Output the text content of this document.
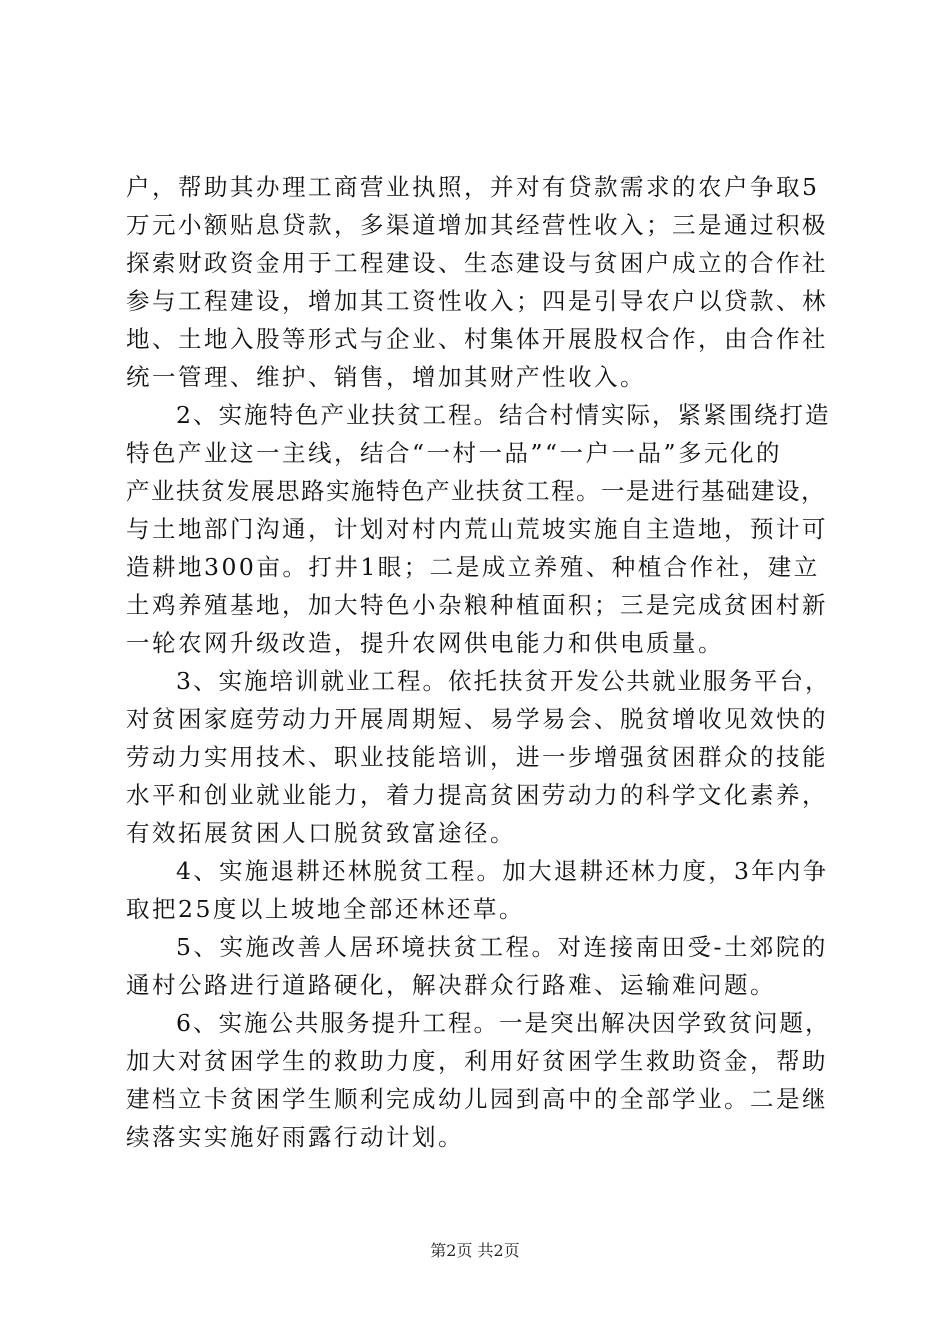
户，帮助其办理工商营业执照，并对有贷款需求的农户争取5
万元小额贴息贷款，多渠道增加其经营性收入；三是通过积极
探索财政资金用于工程建设、生态建设与贫困户成立的合作社
参与工程建设，增加其工资性收入；四是引导农户以贷款、林
地、土地入股等形式与企业、村集体开展股权合作，由合作社
统一管理、维护、销售，增加其财产性收入。
2、实施特色产业扶贫工程。结合村情实际，紧紧围绕打造
特色产业这一主线，结合“一村一品”“一户一品”多元化的
产业扶贫发展思路实施特色产业扶贫工程。一是进行基础建设，
与土地部门沟通，计划对村内荒山荒坡实施自主造地，预计可
造耕地300亩。打井1眼；二是成立养殖、种植合作社，建立
土鸡养殖基地，加大特色小杂粮种植面积；三是完成贫困村新
一轮农网升级改造，提升农网供电能力和供电质量。
3、实施培训就业工程。依托扶贫开发公共就业服务平台，
对贫困家庭劳动力开展周期短、易学易会、脱贫增收见效快的
劳动力实用技术、职业技能培训，进一步增强贫困群众的技能
水平和创业就业能力，着力提高贫困劳动力的科学文化素养，
有效拓展贫困人口脱贫致富途径。
4、实施退耕还林脱贫工程。加大退耕还林力度，3年内争
取把25度以上坡地全部还林还草。
5、实施改善人居环境扶贫工程。对连接南田受-土郊院的
通村公路进行道路硬化，解决群众行路难、运输难问题。
6、实施公共服务提升工程。一是突出解决因学致贫问题，
加大对贫困学生的救助力度，利用好贫困学生救助资金，帮助
建档立卡贫困学生顺利完成幼儿园到高中的全部学业。二是继
续落实实施好雨露行动计划。
第2页 共2页
